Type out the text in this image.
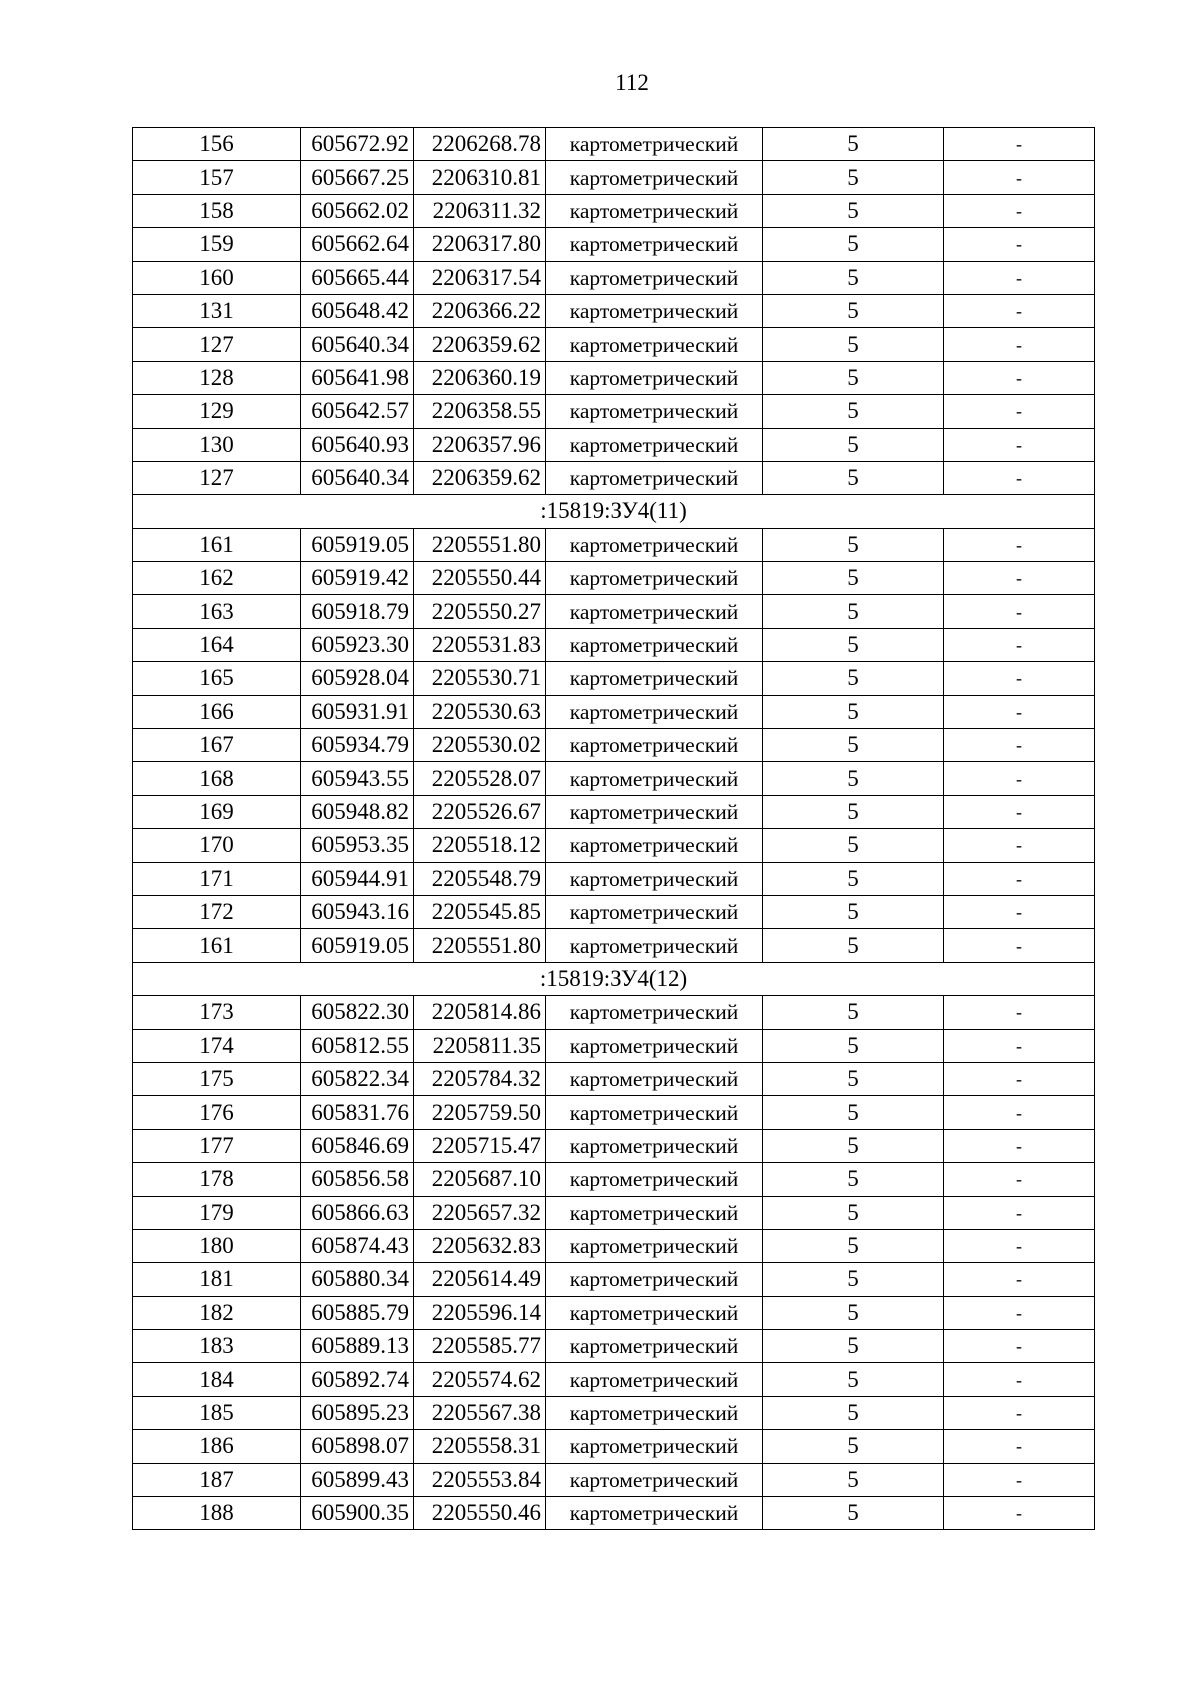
112
156	605672.92	2206268.78	картометрический	5	-
157	605667.25	2206310.81	картометрический	5	-
158	605662.02	2206311.32	картометрический	5	-
159	605662.64	2206317.80	картометрический	5	-
160	605665.44	2206317.54	картометрический	5	-
131	605648.42	2206366.22	картометрический	5	-
127	605640.34	2206359.62	картометрический	5	-
128	605641.98	2206360.19	картометрический	5	-
129	605642.57	2206358.55	картометрический	5	-
130	605640.93	2206357.96	картометрический	5	-
127	605640.34	2206359.62	картометрический	5	-
:15819:ЗУ4(11)					
161	605919.05	2205551.80	картометрический	5	-
162	605919.42	2205550.44	картометрический	5	-
163	605918.79	2205550.27	картометрический	5	-
164	605923.30	2205531.83	картометрический	5	-
165	605928.04	2205530.71	картометрический	5	-
166	605931.91	2205530.63	картометрический	5	-
167	605934.79	2205530.02	картометрический	5	-
168	605943.55	2205528.07	картометрический	5	-
169	605948.82	2205526.67	картометрический	5	-
170	605953.35	2205518.12	картометрический	5	-
171	605944.91	2205548.79	картометрический	5	-
172	605943.16	2205545.85	картометрический	5	-
161	605919.05	2205551.80	картометрический	5	-
:15819:ЗУ4(12)					
173	605822.30	2205814.86	картометрический	5	-
174	605812.55	2205811.35	картометрический	5	-
175	605822.34	2205784.32	картометрический	5	-
176	605831.76	2205759.50	картометрический	5	-
177	605846.69	2205715.47	картометрический	5	-
178	605856.58	2205687.10	картометрический	5	-
179	605866.63	2205657.32	картометрический	5	-
180	605874.43	2205632.83	картометрический	5	-
181	605880.34	2205614.49	картометрический	5	-
182	605885.79	2205596.14	картометрический	5	-
183	605889.13	2205585.77	картометрический	5	-
184	605892.74	2205574.62	картометрический	5	-
185	605895.23	2205567.38	картометрический	5	-
186	605898.07	2205558.31	картометрический	5	-
187	605899.43	2205553.84	картометрический	5	-
188	605900.35	2205550.46	картометрический	5	-
